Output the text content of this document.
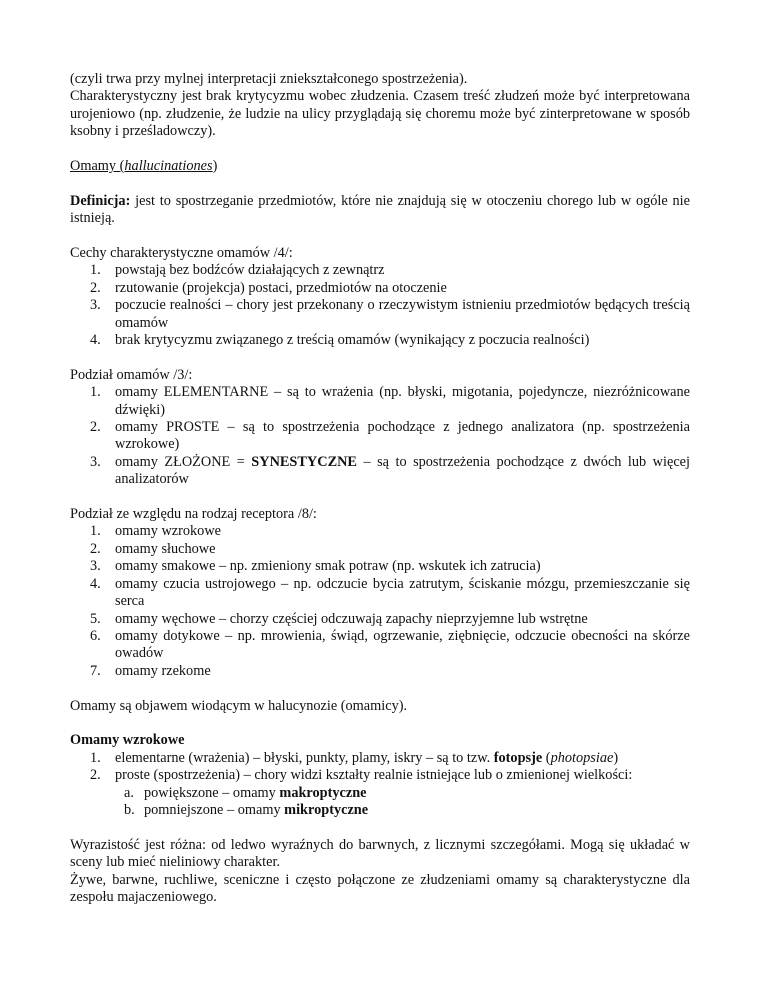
(czyli trwa przy mylnej interpretacji zniekształconego spostrzeżenia).

Charakterystyczny jest brak krytycyzmu wobec złudzenia. Czasem treść złudzeń może być interpretowana urojeniowo (np. złudzenie, że ludzie na ulicy przyglądają się choremu może być zinterpretowane w sposób ksobny i prześladowczy).

Omamy (hallucinationes)

Definicja: jest to spostrzeganie przedmiotów, które nie znajdują się w otoczeniu chorego lub w ogóle nie istnieją.

Cechy charakterystyczne omamów /4/:

1. powstają bez bodźców działających z zewnątrz
2. rzutowanie (projekcja) postaci, przedmiotów na otoczenie
3. poczucie realności – chory jest przekonany o rzeczywistym istnieniu przedmiotów będących treścią omamów
4. brak krytycyzmu związanego z treścią omamów (wynikający z poczucia realności)

Podział omamów /3/:

1. omamy ELEMENTARNE – są to wrażenia (np. błyski, migotania, pojedyncze, niezróżnicowane dźwięki)
2. omamy PROSTE – są to spostrzeżenia pochodzące z jednego analizatora (np. spostrzeżenia wzrokowe)
3. omamy ZŁOŻONE = SYNESTYCZNE – są to spostrzeżenia pochodzące z dwóch lub więcej analizatorów

Podział ze względu na rodzaj receptora /8/:

1. omamy wzrokowe
2. omamy słuchowe
3. omamy smakowe – np. zmieniony smak potraw (np. wskutek ich zatrucia)
4. omamy czucia ustrojowego – np. odczucie bycia zatrutym, ściskanie mózgu, przemieszczanie się serca
5. omamy węchowe – chorzy częściej odczuwają zapachy nieprzyjemne lub wstrętne
6. omamy dotykowe – np. mrowienia, świąd, ogrzewanie, ziębnięcie, odczucie obecności na skórze owadów
7. omamy rzekome

Omamy są objawem wiodącym w halucynozie (omamicy).

Omamy wzrokowe

1. elementarne (wrażenia) – błyski, punkty, plamy, iskry – są to tzw. fotopsje (photopsiae)
2. proste (spostrzeżenia) – chory widzi kształty realnie istniejące lub o zmienionej wielkości:
a. powiększone – omamy makroptyczne
b. pomniejszone – omamy mikroptyczne

Wyrazistość jest różna: od ledwo wyraźnych do barwnych, z licznymi szczegółami. Mogą się układać w sceny lub mieć nieliniowy charakter.

Żywe, barwne, ruchliwe, sceniczne i często połączone ze złudzeniami omamy są charakterystyczne dla zespołu majaczeniowego.
